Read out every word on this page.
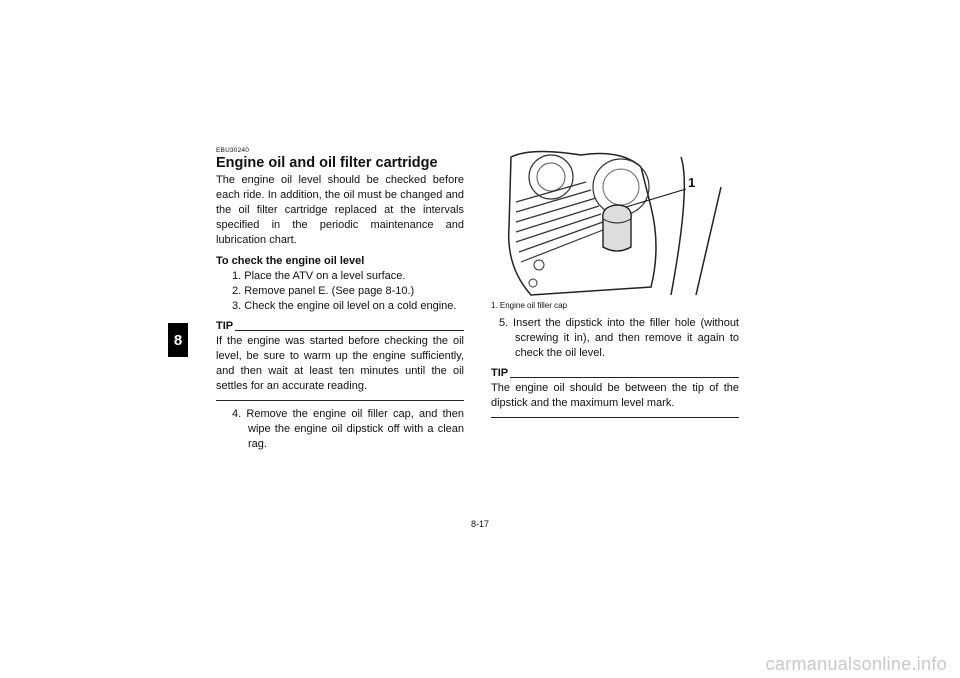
8
EBU30240
Engine oil and oil filter cartridge

The engine oil level should be checked before each ride. In addition, the oil must be changed and the oil filter cartridge replaced at the intervals specified in the periodic maintenance and lubrication chart.

To check the engine oil level
1. Place the ATV on a level surface.
2. Remove panel E. (See page 8-10.)
3. Check the engine oil level on a cold engine.
TIP

If the engine was started before checking the oil level, be sure to warm up the engine sufficiently, and then wait at least ten minutes until the oil settles for an accurate reading.

4. Remove the engine oil filler cap, and then wipe the engine oil dipstick off with a clean rag.
1
1. Engine oil filler cap
5. Insert the dipstick into the filler hole (without screwing it in), and then remove it again to check the oil level.
TIP

The engine oil should be between the tip of the dipstick and the maximum level mark.

8-17
carmanualsonline.info
